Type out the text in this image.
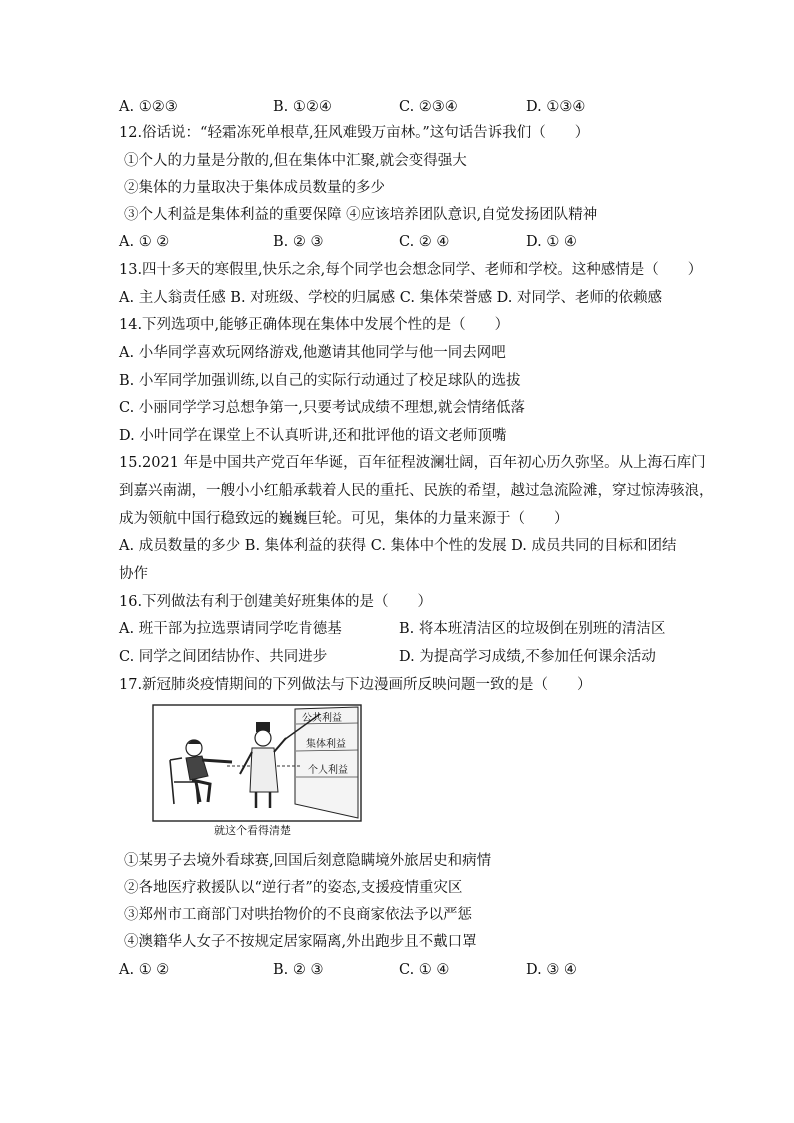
A. ①②③	B. ①②④	C. ②③④	D. ①③④
12.俗话说：“轻霜冻死单根草,狂风难毁万亩林。”这句话告诉我们（　　）
①个人的力量是分散的,但在集体中汇聚,就会变得强大
②集体的力量取决于集体成员数量的多少
③个人利益是集体利益的重要保障 ④应该培养团队意识,自觉发扬团队精神
A. ① ②	B. ② ③	C. ② ④	D. ① ④
13.四十多天的寒假里,快乐之余,每个同学也会想念同学、老师和学校。这种感情是（　　）
A. 主人翁责任感 B. 对班级、学校的归属感 C. 集体荣誉感 D. 对同学、老师的依赖感
14.下列选项中,能够正确体现在集体中发展个性的是（　　）
A. 小华同学喜欢玩网络游戏,他邀请其他同学与他一同去网吧
B. 小军同学加强训练,以自己的实际行动通过了校足球队的选拔
C. 小丽同学学习总想争第一,只要考试成绩不理想,就会情绪低落
D. 小叶同学在课堂上不认真听讲,还和批评他的语文老师顶嘴
15.2021 年是中国共产党百年华诞，百年征程波澜壮阔，百年初心历久弥坚。从上海石库门
到嘉兴南湖，一艘小小红船承载着人民的重托、民族的希望，越过急流险滩，穿过惊涛骇浪，
成为领航中国行稳致远的巍巍巨轮。可见，集体的力量来源于（　　）
A. 成员数量的多少 B. 集体利益的获得 C. 集体中个性的发展 D. 成员共同的目标和团结
协作
16.下列做法有利于创建美好班集体的是（　　）
A. 班干部为拉选票请同学吃肯德基	B. 将本班清洁区的垃圾倒在别班的清洁区
C. 同学之间团结协作、共同进步	D. 为提高学习成绩,不参加任何课余活动
17.新冠肺炎疫情期间的下列做法与下边漫画所反映问题一致的是（　　）
公共利益
集体利益
个人利益
就这个看得清楚
①某男子去境外看球赛,回国后刻意隐瞒境外旅居史和病情
②各地医疗救援队以“逆行者”的姿态,支援疫情重灾区
③郑州市工商部门对哄抬物价的不良商家依法予以严惩
④澳籍华人女子不按规定居家隔离,外出跑步且不戴口罩
A. ① ②	B. ② ③	C. ① ④	D. ③ ④
